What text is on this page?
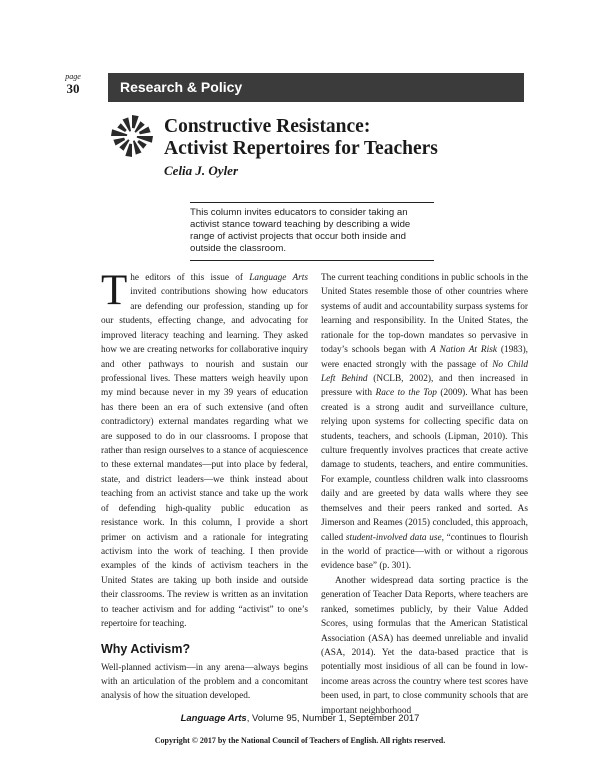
page
30	Research & Policy
Constructive Resistance:
Activist Repertoires for Teachers
Celia J. Oyler
This column invites educators to consider taking an activist stance toward teaching by describing a wide range of activist projects that occur both inside and outside the classroom.

The editors of this issue of Language Arts invited contributions showing how educators are defending our profession, standing up for our students, effecting change, and advocating for improved literacy teaching and learning. They asked how we are creating networks for collaborative inquiry and other pathways to nourish and sustain our professional lives. These matters weigh heavily upon my mind because never in my 39 years of education has there been an era of such extensive (and often contradictory) external mandates regarding what we are supposed to do in our classrooms. I propose that rather than resign ourselves to a stance of acquiescence to these external mandates—put into place by federal, state, and district leaders—we think instead about teaching from an activist stance and take up the work of defending high-quality public education as resistance work. In this column, I provide a short primer on activism and a rationale for integrating activism into the work of teaching. I then provide examples of the kinds of activism teachers in the United States are taking up both inside and outside their classrooms. The review is written as an invitation to teacher activism and for adding “activist” to one’s repertoire for teaching.

Why Activism?

Well-planned activism—in any arena—always begins with an articulation of the problem and a concomitant analysis of how the situation developed.

The current teaching conditions in public schools in the United States resemble those of other countries where systems of audit and accountability surpass systems for learning and responsibility. In the United States, the rationale for the top-down mandates so pervasive in today’s schools began with A Nation At Risk (1983), were enacted strongly with the passage of No Child Left Behind (NCLB, 2002), and then increased in pressure with Race to the Top (2009). What has been created is a strong audit and surveillance culture, relying upon systems for collecting specific data on students, teachers, and schools (Lipman, 2010). This culture frequently involves practices that create active damage to students, teachers, and entire communities. For example, countless children walk into classrooms daily and are greeted by data walls where they see themselves and their peers ranked and sorted. As Jimerson and Reames (2015) concluded, this approach, called student-involved data use, “continues to flourish in the world of practice—with or without a rigorous evidence base” (p. 301).

Another widespread data sorting practice is the generation of Teacher Data Reports, where teachers are ranked, sometimes publicly, by their Value Added Scores, using formulas that the American Statistical Association (ASA) has deemed unreliable and invalid (ASA, 2014). Yet the data-based practice that is potentially most insidious of all can be found in low-income areas across the country where test scores have been used, in part, to close community schools that are important neighborhood

Language Arts, Volume 95, Number 1, September 2017
Copyright © 2017 by the National Council of Teachers of English. All rights reserved.
